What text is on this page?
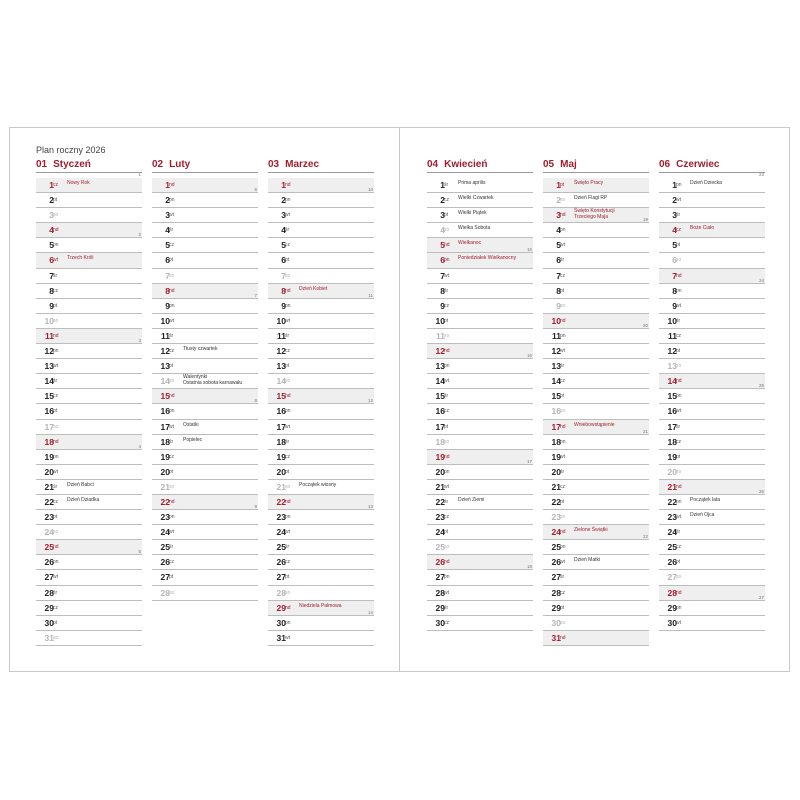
Plan roczny 2026
01 Styczeń
1 cz Nowy Rok
1
2 pt
3 so
4 nd
5 pn
2
6 wt Trzech Króli
7 śr
8 cz
9 pt
10 so
11 nd
12 pn
3
13 wt
14 śr
15 cz
16 pt
17 so
18 nd
19 pn
4
20 wt
21 śr Dzień Babci
22 cz Dzień Dziadka
23 pt
24 so
25 nd
26 pn
5
27 wt
28 śr
29 cz
30 pt
31 so
02 Luty
1 nd
2 pn
6
3 wt
4 śr
5 cz
6 pt
7 so
8 nd
9 pn
7
10 wt
11 śr
12 cz Tłusty czwartek
13 pt
14 so
Walentynki
Ostatnia sobota karnawału
15 nd
16 pn
8
17 wt Ostatki
18 śr Popielec
19 cz
20 pt
21 so
22 nd
23 pn
9
24 wt
25 śr
26 cz
27 pt
28 so
03 Marzec
1 nd
2 pn
10
3 wt
4 śr
5 cz
6 pt
7 so
8 nd Dzień Kobiet
9 pn
11
10 wt
11 śr
12 cz
13 pt
14 so
15 nd
16 pn
12
17 wt
18 śr
19 cz
20 pt
21 so Początek wiosny
22 nd
23 pn
13
24 wt
25 śr
26 cz
27 pt
28 so
29 nd Niedziela Palmowa
30 pn
14
31 wt
04 Kwiecień
1 śr Prima aprilis
2 cz Wielki Czwartek
3 pt Wielki Piątek
4 so Wielka Sobota
5 nd Wielkanoc
6 pn Poniedziałek Wielkanocny
15
7 wt
8 śr
9 cz
10 pt
11 so
12 nd
13 pn
16
14 wt
15 śr
16 cz
17 pt
18 so
19 nd
20 pn
17
21 wt
22 śr Dzień Ziemi
23 cz
24 pt
25 so
26 nd
27 pn
18
28 wt
29 śr
30 cz
05 Maj
1 pt Święto Pracy
2 so Dzień Flagi RP
3 nd
Święto Konstytucji
Trzeciego Maja
4 pn
19
5 wt
6 śr
7 cz
8 pt
9 so
10 nd
11 pn
20
12 wt
13 śr
14 cz
15 pt
16 so
17 nd Wniebowstąpienie
18 pn
21
19 wt
20 śr
21 cz
22 pt
23 so
24 nd Zielone Świątki
25 pn
22
26 wt Dzień Matki
27 śr
28 cz
29 pt
30 so
31 nd
06 Czerwiec
1 pn Dzień Dziecka
23
2 wt
3 śr
4 cz Boże Ciało
5 pt
6 so
7 nd
8 pn
24
9 wt
10 śr
11 cz
12 pt
13 so
14 nd
15 pn
25
16 wt
17 śr
18 cz
19 pt
20 so
21 nd
22 pn Początek lata
26
23 wt Dzień Ojca
24 śr
25 cz
26 pt
27 so
28 nd
29 pn
27
30 wt
